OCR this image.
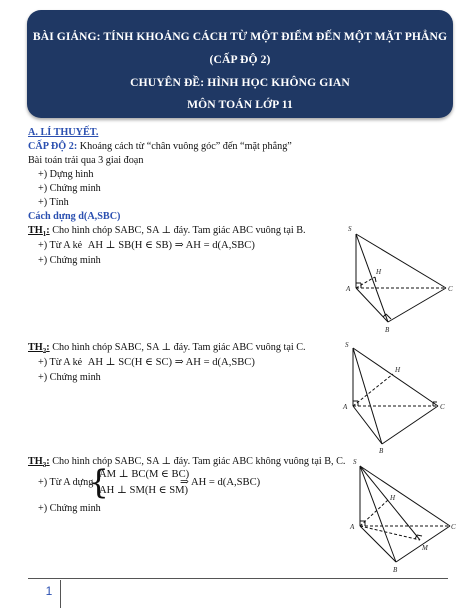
BÀI GIẢNG: TÍNH KHOẢNG CÁCH TỪ MỘT ĐIỂM ĐẾN MỘT MẶT PHẲNG
(CẤP ĐỘ 2)
CHUYÊN ĐỀ: HÌNH HỌC KHÔNG GIAN
MÔN TOÁN LỚP 11
A. LÍ THUYẾT.
CẤP ĐỘ 2: Khoảng cách từ “chân vuông góc” đến “mặt phẳng”
Bài toán trải qua 3 giai đoạn
+) Dựng hình
+) Chứng minh
+) Tính
Cách dựng d(A,SBC)
$TH_1$: Cho hình chóp SABC, SA ⊥ đáy. Tam giác ABC vuông tại B.
+) Từ A kẻ AH ⊥ SB(H ∈ SB) ⇒ AH = d(A,SBC)
+) Chứng minh
$TH_2$: Cho hình chóp SABC, SA ⊥ đáy. Tam giác ABC vuông tại C.
+) Từ A kẻ AH ⊥ SC(H ∈ SC) ⇒ AH = d(A,SBC)
+) Chứng minh
$TH_3$: Cho hình chóp SABC, SA ⊥ đáy. Tam giác ABC không vuông tại B, C.
+) Từ A dựng
{
AM ⊥ BC(M ∈ BC)
AH ⊥ SM(H ∈ SM)
⇒ AH = d(A,SBC)
+) Chứng minh
S
H
A	C
B
S
H
A	C
B
S
H
A	C
M
B
1
